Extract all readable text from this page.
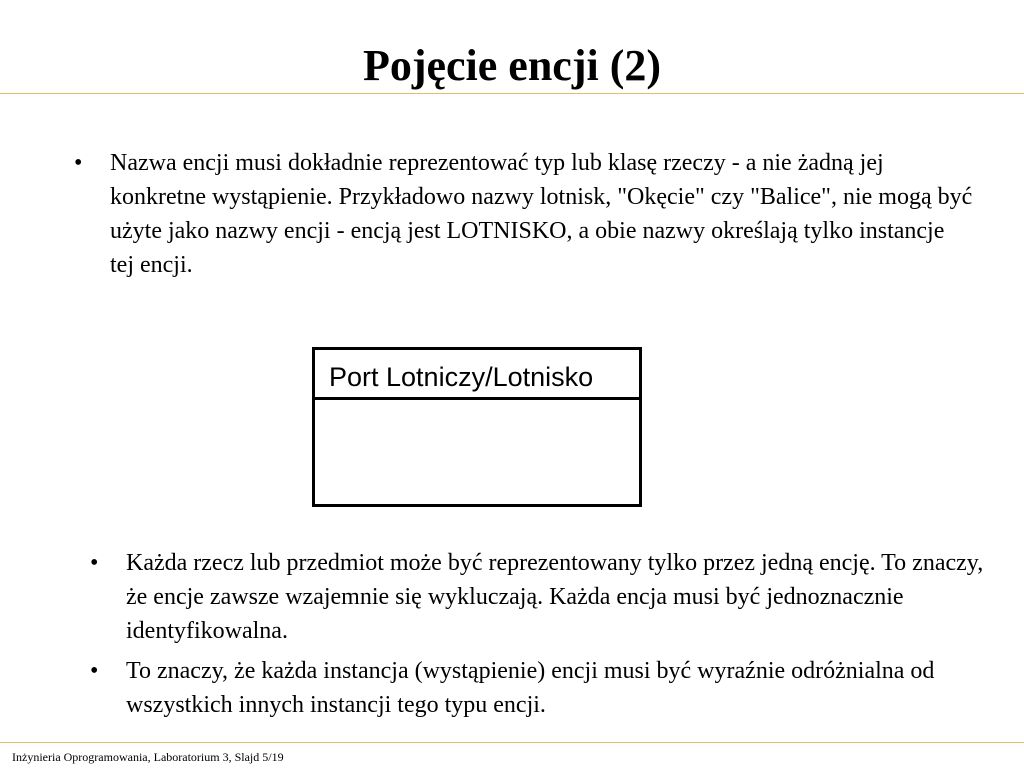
Pojęcie encji (2)
• Nazwa encji musi dokładnie reprezentować typ lub klasę rzeczy - a nie żadną jej konkretne wystąpienie. Przykładowo nazwy lotnisk, "Okęcie" czy "Balice", nie mogą być użyte jako nazwy encji - encją jest LOTNISKO, a obie nazwy określają tylko instancje tej encji.
Port Lotniczy/Lotnisko
• Każda rzecz lub przedmiot może być reprezentowany tylko przez jedną encję. To znaczy, że encje zawsze wzajemnie się wykluczają. Każda encja musi być jednoznacznie identyfikowalna.
• To znaczy, że każda instancja (wystąpienie) encji musi być wyraźnie odróżnialna od wszystkich innych instancji tego typu encji.
Inżynieria Oprogramowania, Laboratorium 3, Slajd 5/19
